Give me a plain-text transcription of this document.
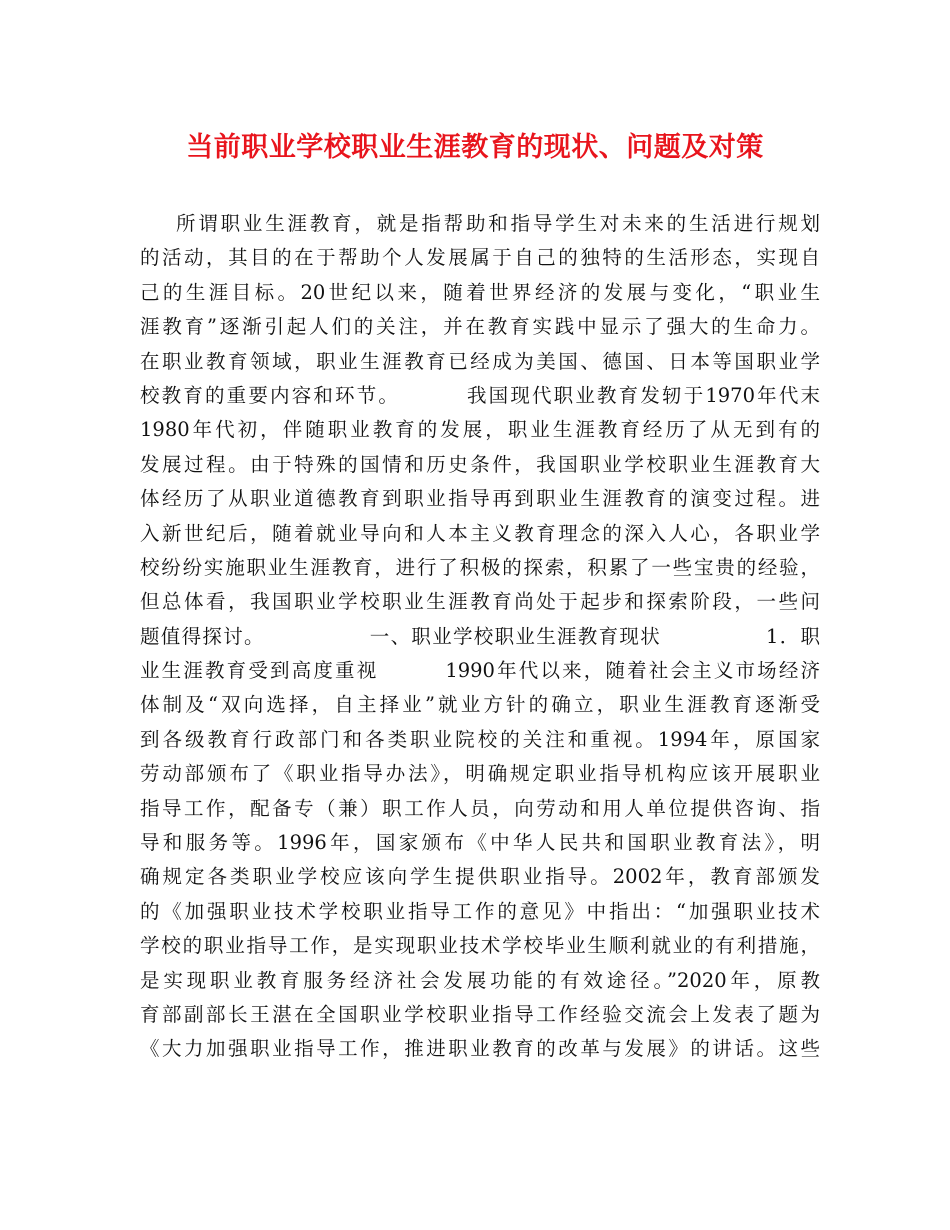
当前职业学校职业生涯教育的现状、问题及对策
所谓职业生涯教育，就是指帮助和指导学生对未来的生活进行规划
的活动，其目的在于帮助个人发展属于自己的独特的生活形态，实现自
己的生涯目标。20世纪以来，随着世界经济的发展与变化，“职业生
涯教育”逐渐引起人们的关注，并在教育实践中显示了强大的生命力。
在职业教育领域，职业生涯教育已经成为美国、德国、日本等国职业学
校教育的重要内容和环节。        我国现代职业教育发轫于1970年代末
1980年代初，伴随职业教育的发展，职业生涯教育经历了从无到有的
发展过程。由于特殊的国情和历史条件，我国职业学校职业生涯教育大
体经历了从职业道德教育到职业指导再到职业生涯教育的演变过程。进
入新世纪后，随着就业导向和人本主义教育理念的深入人心，各职业学
校纷纷实施职业生涯教育，进行了积极的探索，积累了一些宝贵的经验，
但总体看，我国职业学校职业生涯教育尚处于起步和探索阶段，一些问
题值得探讨。              一、职业学校职业生涯教育现状              1．职
业生涯教育受到高度重视        1990年代以来，随着社会主义市场经济
体制及“双向选择，自主择业”就业方针的确立，职业生涯教育逐渐受
到各级教育行政部门和各类职业院校的关注和重视。1994年，原国家
劳动部颁布了《职业指导办法》，明确规定职业指导机构应该开展职业
指导工作，配备专（兼）职工作人员，向劳动和用人单位提供咨询、指
导和服务等。1996年，国家颁布《中华人民共和国职业教育法》，明
确规定各类职业学校应该向学生提供职业指导。2002年，教育部颁发
的《加强职业技术学校职业指导工作的意见》中指出：“加强职业技术
学校的职业指导工作，是实现职业技术学校毕业生顺利就业的有利措施，
是实现职业教育服务经济社会发展功能的有效途径。”2020年，原教
育部副部长王湛在全国职业学校职业指导工作经验交流会上发表了题为
《大力加强职业指导工作，推进职业教育的改革与发展》的讲话。这些
